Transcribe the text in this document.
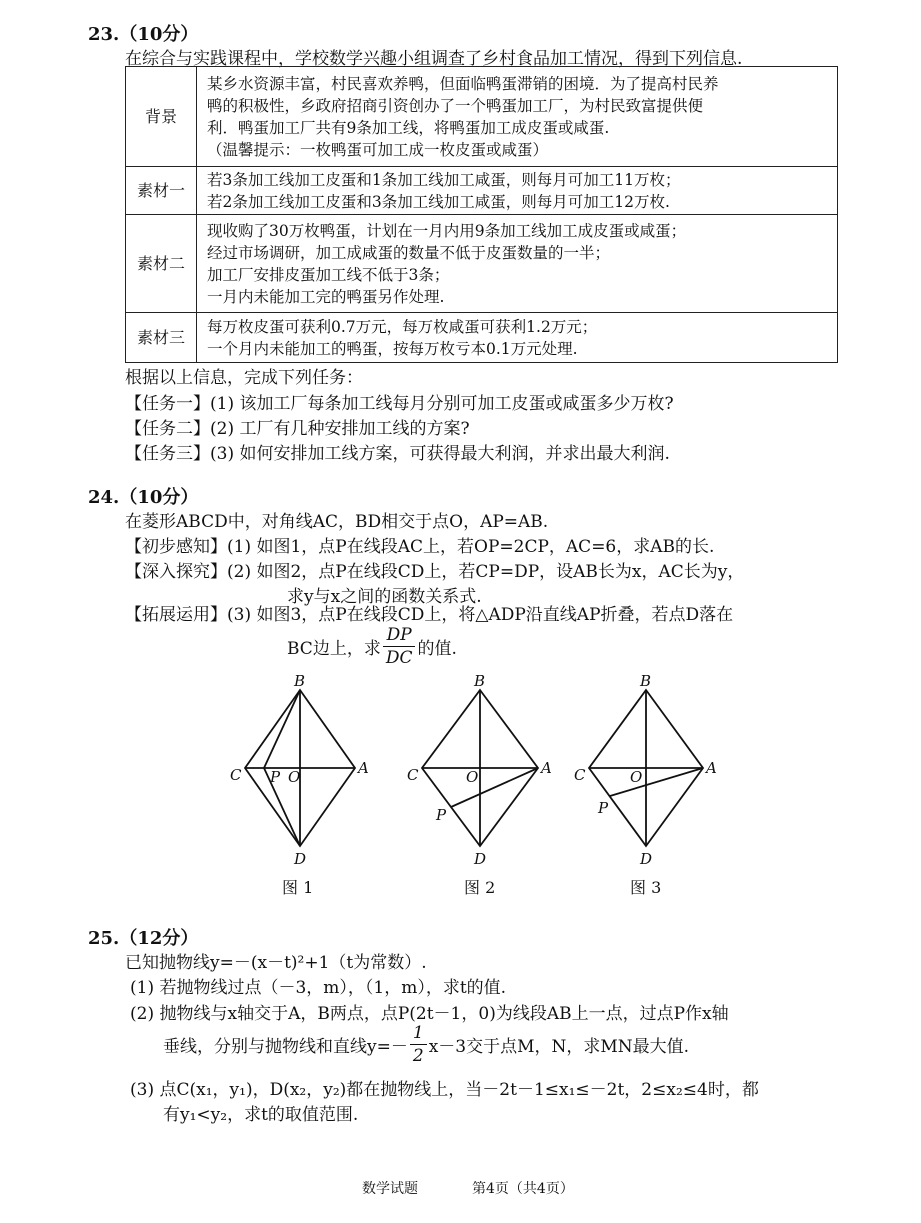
23.（10分）
在综合与实践课程中，学校数学兴趣小组调查了乡村食品加工情况，得到下列信息.
背景	某乡水资源丰富，村民喜欢养鸭，但面临鸭蛋滞销的困境．为了提高村民养
鸭的积极性，乡政府招商引资创办了一个鸭蛋加工厂，为村民致富提供便
利．鸭蛋加工厂共有9条加工线，将鸭蛋加工成皮蛋或咸蛋.
（温馨提示：一枚鸭蛋可加工成一枚皮蛋或咸蛋）

素材一	若3条加工线加工皮蛋和1条加工线加工咸蛋，则每月可加工11万枚；
若2条加工线加工皮蛋和3条加工线加工咸蛋，则每月可加工12万枚.

素材二	现收购了30万枚鸭蛋，计划在一月内用9条加工线加工成皮蛋或咸蛋；
经过市场调研，加工成咸蛋的数量不低于皮蛋数量的一半；
加工厂安排皮蛋加工线不低于3条；
一月内未能加工完的鸭蛋另作处理.

素材三	每万枚皮蛋可获利0.7万元，每万枚咸蛋可获利1.2万元；
一个月内未能加工的鸭蛋，按每万枚亏本0.1万元处理.
根据以上信息，完成下列任务：
【任务一】(1) 该加工厂每条加工线每月分别可加工皮蛋或咸蛋多少万枚?
【任务二】(2) 工厂有几种安排加工线的方案?
【任务三】(3) 如何安排加工线方案，可获得最大利润，并求出最大利润.
24.（10分）
在菱形ABCD中，对角线AC，BD相交于点O，AP=AB.
【初步感知】(1) 如图1，点P在线段AC上，若OP=2CP，AC=6，求AB的长.
【深入探究】(2) 如图2，点P在线段CD上，若CP=DP，设AB长为x，AC长为y，
求y与x之间的函数关系式.
【拓展运用】(3) 如图3，点P在线段CD上，将△ADP沿直线AP折叠，若点D落在
BC边上，求 $\frac{DP}{DC}$ 的值.
B
A
C
D
O
P
B
A
C
D
O
P
B
A
C
D
O
P
图 1	图 2	图 3
25.（12分）
已知抛物线y=－(x－t)²+1（t为常数）.
(1) 若抛物线过点（－3，m），（1，m），求t的值.
(2) 抛物线与x轴交于A，B两点，点P(2t－1，0)为线段AB上一点，过点P作x轴
垂线，分别与抛物线和直线$y=- \frac{1}{2} x-3$交于点M，N，求MN最大值.
(3) 点C(x₁，y₁)，D(x₂，y₂)都在抛物线上，当－2t－1≤x₁≤－2t，2≤x₂≤4时，都
有y₁<y₂，求t的取值范围.
数学试题	第4页（共4页）
